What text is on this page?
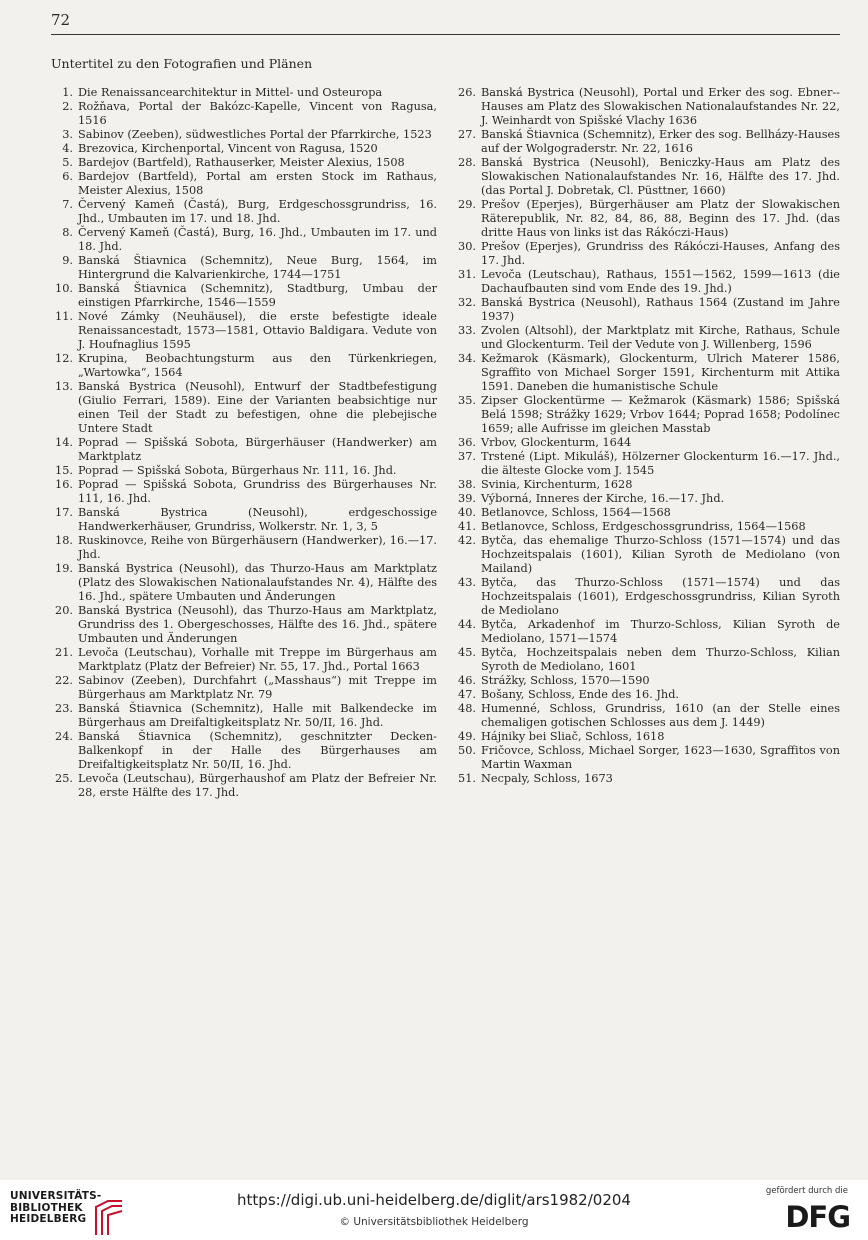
72
Untertitel zu den Fotografien und Plänen
1. Die Renaissancearchitektur in Mittel- und Osteuropa
2. Rožňava, Portal der Bakózc-Kapelle, Vincent von Ragusa, 1516
3. Sabinov (Zeeben), südwestliches Portal der Pfarrkirche, 1523
4. Brezovica, Kirchenportal, Vincent von Ragusa, 1520
5. Bardejov (Bartfeld), Rathauserker, Meister Alexius, 1508
6. Bardejov (Bartfeld), Portal am ersten Stock im Rathaus, Meister Alexius, 1508
7. Červený Kameň (Častá), Burg, Erdgeschossgrundriss, 16. Jhd., Umbauten im 17. und 18. Jhd.
8. Červený Kameň (Častá), Burg, 16. Jhd., Umbauten im 17. und 18. Jhd.
9. Banská Štiavnica (Schemnitz), Neue Burg, 1564, im Hintergrund die Kalvarienkirche, 1744—1751
10. Banská Štiavnica (Schemnitz), Stadtburg, Umbau der einstigen Pfarrkirche, 1546—1559
11. Nové Zámky (Neuhäusel), die erste befestigte ideale Renaissancestadt, 1573—1581, Ottavio Baldigara. Vedute von J. Houfnaglius 1595
12. Krupina, Beobachtungsturm aus den Türkenkriegen, „Wartowka“, 1564
13. Banská Bystrica (Neusohl), Entwurf der Stadtbefestigung (Giulio Ferrari, 1589). Eine der Varianten beabsichtige nur einen Teil der Stadt zu befestigen, ohne die plebejische Untere Stadt
14. Poprad — Spišská Sobota, Bürgerhäuser (Handwerker) am Marktplatz
15. Poprad — Spišská Sobota, Bürgerhaus Nr. 111, 16. Jhd.
16. Poprad — Spišská Sobota, Grundriss des Bürgerhauses Nr. 111, 16. Jhd.
17. Banská Bystrica (Neusohl), erdgeschossige Handwerkerhäuser, Grundriss, Wolkerstr. Nr. 1, 3, 5
18. Ruskinovce, Reihe von Bürgerhäusern (Handwerker), 16.—17. Jhd.
19. Banská Bystrica (Neusohl), das Thurzo-Haus am Marktplatz (Platz des Slowakischen Nationalaufstandes Nr. 4), Hälfte des 16. Jhd., spätere Umbauten und Änderungen
20. Banská Bystrica (Neusohl), das Thurzo-Haus am Marktplatz, Grundriss des 1. Obergeschosses, Hälfte des 16. Jhd., spätere Umbauten und Änderungen
21. Levoča (Leutschau), Vorhalle mit Treppe im Bürgerhaus am Marktplatz (Platz der Befreier) Nr. 55, 17. Jhd., Portal 1663
22. Sabinov (Zeeben), Durchfahrt („Masshaus“) mit Treppe im Bürgerhaus am Marktplatz Nr. 79
23. Banská Štiavnica (Schemnitz), Halle mit Balkendecke im Bürgerhaus am Dreifaltigkeitsplatz Nr. 50/II, 16. Jhd.
24. Banská Štiavnica (Schemnitz), geschnitzter Decken-Balkenkopf in der Halle des Bürgerhauses am Dreifaltigkeitsplatz Nr. 50/II, 16. Jhd.
25. Levoča (Leutschau), Bürgerhaushof am Platz der Befreier Nr. 28, erste Hälfte des 17. Jhd.
26. Banská Bystrica (Neusohl), Portal und Erker des sog. Ebner--Hauses am Platz des Slowakischen Nationalaufstandes Nr. 22, J. Weinhardt von Spišské Vlachy 1636
27. Banská Štiavnica (Schemnitz), Erker des sog. Bellházy-Hauses auf der Wolgograderstr. Nr. 22, 1616
28. Banská Bystrica (Neusohl), Beniczky-Haus am Platz des Slowakischen Nationalaufstandes Nr. 16, Hälfte des 17. Jhd. (das Portal J. Dobretak, Cl. Püsttner, 1660)
29. Prešov (Eperjes), Bürgerhäuser am Platz der Slowakischen Räterepublik, Nr. 82, 84, 86, 88, Beginn des 17. Jhd. (das dritte Haus von links ist das Rákóczi-Haus)
30. Prešov (Eperjes), Grundriss des Rákóczi-Hauses, Anfang des 17. Jhd.
31. Levoča (Leutschau), Rathaus, 1551—1562, 1599—1613 (die Dachaufbauten sind vom Ende des 19. Jhd.)
32. Banská Bystrica (Neusohl), Rathaus 1564 (Zustand im Jahre 1937)
33. Zvolen (Altsohl), der Marktplatz mit Kirche, Rathaus, Schule und Glockenturm. Teil der Vedute von J. Willenberg, 1596
34. Kežmarok (Käsmark), Glockenturm, Ulrich Materer 1586, Sgraffito von Michael Sorger 1591, Kirchenturm mit Attika 1591. Daneben die humanistische Schule
35. Zipser Glockentürme — Kežmarok (Käsmark) 1586; Spišská Belá 1598; Strážky 1629; Vrbov 1644; Poprad 1658; Podolínec 1659; alle Aufrisse im gleichen Masstab
36. Vrbov, Glockenturm, 1644
37. Trstené (Lipt. Mikuláš), Hölzerner Glockenturm 16.—17. Jhd., die älteste Glocke vom J. 1545
38. Svinia, Kirchenturm, 1628
39. Výborná, Inneres der Kirche, 16.—17. Jhd.
40. Betlanovce, Schloss, 1564—1568
41. Betlanovce, Schloss, Erdgeschossgrundriss, 1564—1568
42. Bytča, das ehemalige Thurzo-Schloss (1571—1574) und das Hochzeitspalais (1601), Kilian Syroth de Mediolano (von Mailand)
43. Bytča, das Thurzo-Schloss (1571—1574) und das Hochzeitspalais (1601), Erdgeschossgrundriss, Kilian Syroth de Mediolano
44. Bytča, Arkadenhof im Thurzo-Schloss, Kilian Syroth de Mediolano, 1571—1574
45. Bytča, Hochzeitspalais neben dem Thurzo-Schloss, Kilian Syroth de Mediolano, 1601
46. Strážky, Schloss, 1570—1590
47. Bošany, Schloss, Ende des 16. Jhd.
48. Humenné, Schloss, Grundriss, 1610 (an der Stelle eines chemaligen gotischen Schlosses aus dem J. 1449)
49. Hájniky bei Sliač, Schloss, 1618
50. Fričovce, Schloss, Michael Sorger, 1623—1630, Sgraffitos von Martin Waxman
51. Necpaly, Schloss, 1673
UNIVERSITÄTS-
BIBLIOTHEK
HEIDELBERG
https://digi.ub.uni-heidelberg.de/diglit/ars1982/0204
© Universitätsbibliothek Heidelberg
gefördert durch die
DFG
